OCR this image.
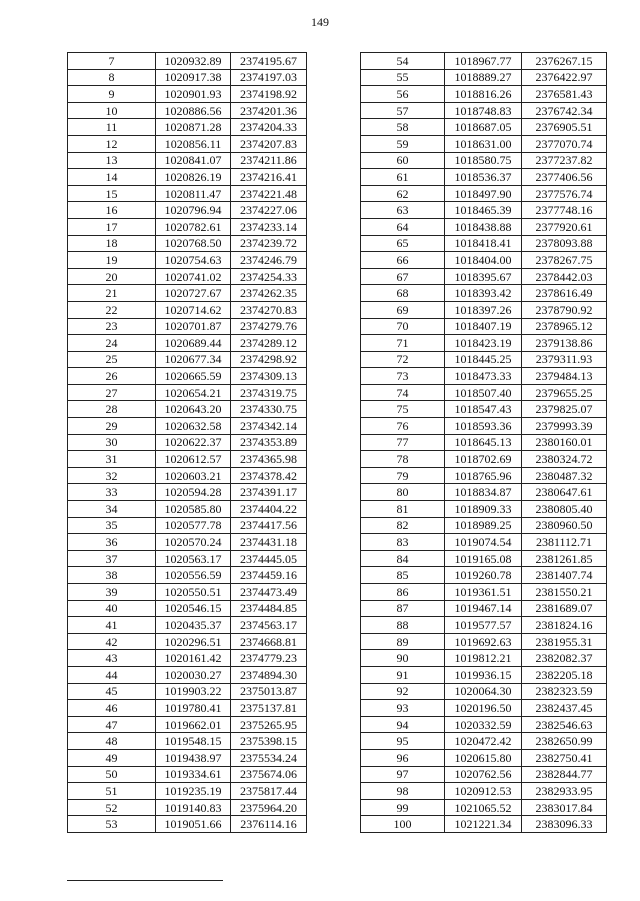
149
7	1020932.89	2374195.67
8	1020917.38	2374197.03
9	1020901.93	2374198.92
10	1020886.56	2374201.36
11	1020871.28	2374204.33
12	1020856.11	2374207.83
13	1020841.07	2374211.86
14	1020826.19	2374216.41
15	1020811.47	2374221.48
16	1020796.94	2374227.06
17	1020782.61	2374233.14
18	1020768.50	2374239.72
19	1020754.63	2374246.79
20	1020741.02	2374254.33
21	1020727.67	2374262.35
22	1020714.62	2374270.83
23	1020701.87	2374279.76
24	1020689.44	2374289.12
25	1020677.34	2374298.92
26	1020665.59	2374309.13
27	1020654.21	2374319.75
28	1020643.20	2374330.75
29	1020632.58	2374342.14
30	1020622.37	2374353.89
31	1020612.57	2374365.98
32	1020603.21	2374378.42
33	1020594.28	2374391.17
34	1020585.80	2374404.22
35	1020577.78	2374417.56
36	1020570.24	2374431.18
37	1020563.17	2374445.05
38	1020556.59	2374459.16
39	1020550.51	2374473.49
40	1020546.15	2374484.85
41	1020435.37	2374563.17
42	1020296.51	2374668.81
43	1020161.42	2374779.23
44	1020030.27	2374894.30
45	1019903.22	2375013.87
46	1019780.41	2375137.81
47	1019662.01	2375265.95
48	1019548.15	2375398.15
49	1019438.97	2375534.24
50	1019334.61	2375674.06
51	1019235.19	2375817.44
52	1019140.83	2375964.20
53	1019051.66	2376114.16
54	1018967.77	2376267.15
55	1018889.27	2376422.97
56	1018816.26	2376581.43
57	1018748.83	2376742.34
58	1018687.05	2376905.51
59	1018631.00	2377070.74
60	1018580.75	2377237.82
61	1018536.37	2377406.56
62	1018497.90	2377576.74
63	1018465.39	2377748.16
64	1018438.88	2377920.61
65	1018418.41	2378093.88
66	1018404.00	2378267.75
67	1018395.67	2378442.03
68	1018393.42	2378616.49
69	1018397.26	2378790.92
70	1018407.19	2378965.12
71	1018423.19	2379138.86
72	1018445.25	2379311.93
73	1018473.33	2379484.13
74	1018507.40	2379655.25
75	1018547.43	2379825.07
76	1018593.36	2379993.39
77	1018645.13	2380160.01
78	1018702.69	2380324.72
79	1018765.96	2380487.32
80	1018834.87	2380647.61
81	1018909.33	2380805.40
82	1018989.25	2380960.50
83	1019074.54	2381112.71
84	1019165.08	2381261.85
85	1019260.78	2381407.74
86	1019361.51	2381550.21
87	1019467.14	2381689.07
88	1019577.57	2381824.16
89	1019692.63	2381955.31
90	1019812.21	2382082.37
91	1019936.15	2382205.18
92	1020064.30	2382323.59
93	1020196.50	2382437.45
94	1020332.59	2382546.63
95	1020472.42	2382650.99
96	1020615.80	2382750.41
97	1020762.56	2382844.77
98	1020912.53	2382933.95
99	1021065.52	2383017.84
100	1021221.34	2383096.33
